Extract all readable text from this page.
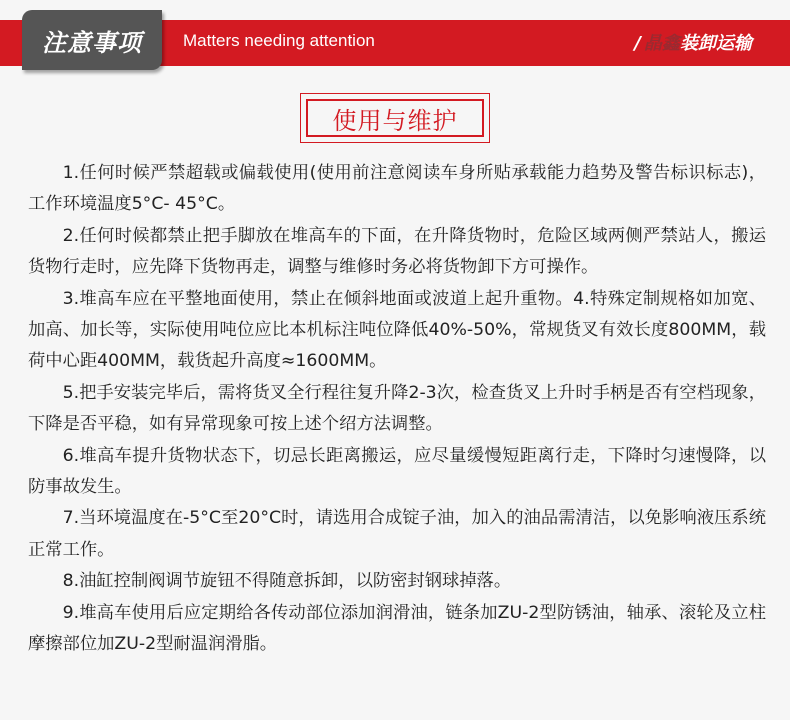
注意事项 Matters needing attention	/ 晶鑫装卸运输
使用与维护

1.任何时候严禁超载或偏载使用(使用前注意阅读车身所贴承载能力趋势及警告标识标志)，工作环境温度5°C- 45°C。

2.任何时候都禁止把手脚放在堆高车的下面，在升降货物时，危险区域两侧严禁站人，搬运货物行走时，应先降下货物再走，调整与维修时务必将货物卸下方可操作。

3.堆高车应在平整地面使用，禁止在倾斜地面或波道上起升重物。4.特殊定制规格如加宽、加高、加长等，实际使用吨位应比本机标注吨位降低40%-50%，常规货叉有效长度800MM，载荷中心距400MM，载货起升高度≈1600MM。

5.把手安装完毕后，需将货叉全行程往复升降2-3次，检查货叉上升时手柄是否有空档现象，下降是否平稳，如有异常现象可按上述个绍方法调整。

6.堆高车提升货物状态下，切忌长距离搬运，应尽量缓慢短距离行走，下降时匀速慢降，以防事故发生。

7.当环境温度在-5°C至20°C时，请选用合成锭子油，加入的油品需清洁，以免影响液压系统正常工作。

8.油缸控制阀调节旋钮不得随意拆卸，以防密封钢球掉落。

9.堆高车使用后应定期给各传动部位添加润滑油，链条加ZU-2型防锈油，轴承、滚轮及立柱摩擦部位加ZU-2型耐温润滑脂。
